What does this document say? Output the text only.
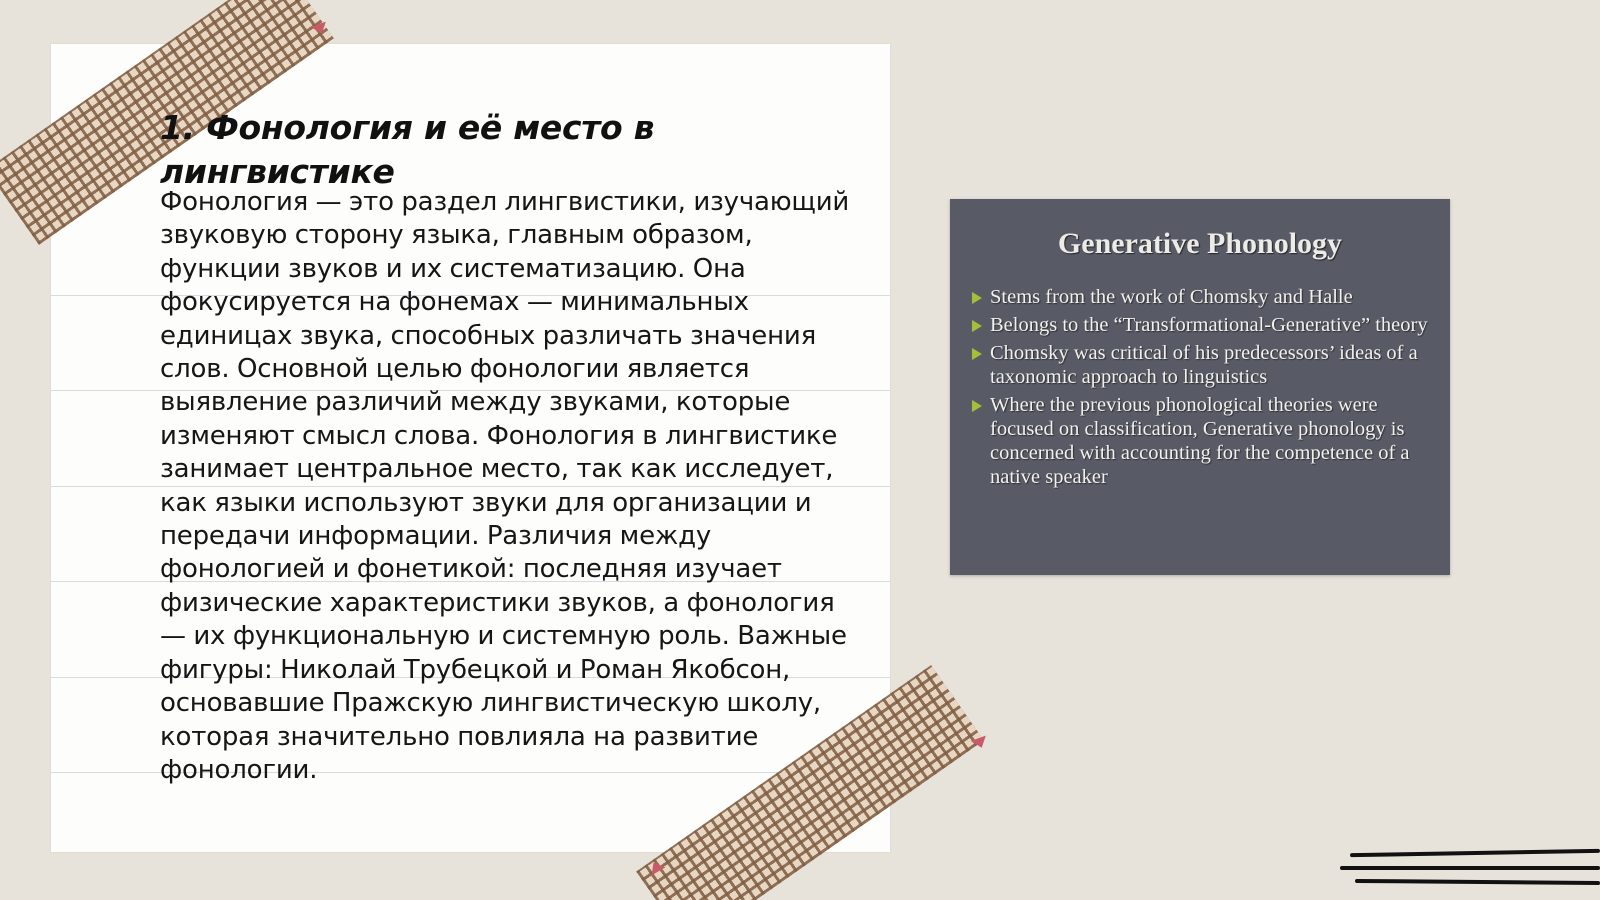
1. Фонология и её место в лингвистике

Фонология — это раздел лингвистики, изучающий звуковую сторону языка, главным образом, функции звуков и их систематизацию. Она фокусируется на фонемах — минимальных единицах звука, способных различать значения слов. Основной целью фонологии является выявление различий между звуками, которые изменяют смысл слова. Фонология в лингвистике занимает центральное место, так как исследует, как языки используют звуки для организации и передачи информации. Различия между фонологией и фонетикой: последняя изучает физические характеристики звуков, а фонология — их функциональную и системную роль. Важные фигуры: Николай Трубецкой и Роман Якобсон, основавшие Пражскую лингвистическую школу, которая значительно повлияла на развитие фонологии.

Generative Phonology
Stems from the work of Chomsky and Halle
Belongs to the “Transformational-Generative” theory
Chomsky was critical of his predecessors’ ideas of a taxonomic approach to linguistics
Where the previous phonological theories were focused on classification, Generative phonology is concerned with accounting for the competence of a native speaker
